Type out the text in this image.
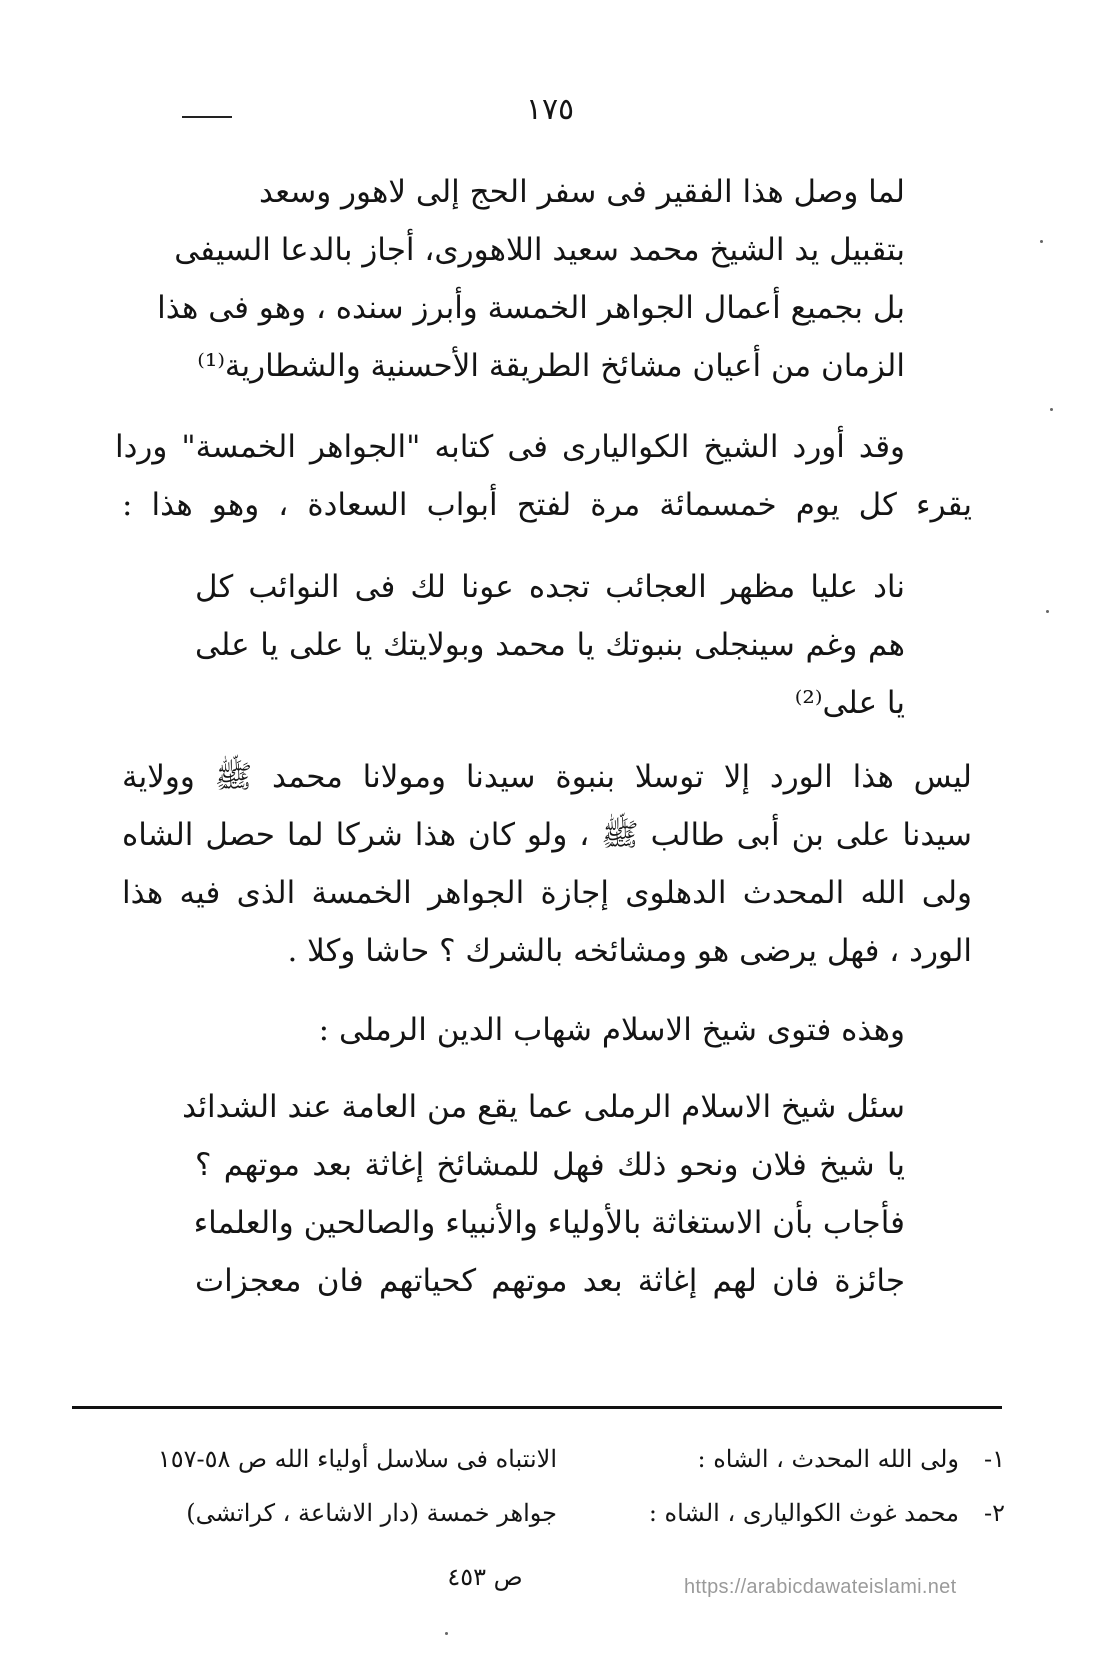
١٧٥
لما وصل هذا الفقير فى سفر الحج إلى لاهور وسعد
بتقبيل يد الشيخ محمد سعيد اللاهورى، أجاز بالدعا السيفى
بل بجميع أعمال الجواهر الخمسة وأبرز سنده ، وهو فى هذا
الزمان من أعيان مشائخ الطريقة الأحسنية والشطارية⁽¹⁾
وقد أورد الشيخ الكواليارى فى كتابه "الجواهر الخمسة" وردا
يقرء كل يوم خمسمائة مرة لفتح أبواب السعادة ، وهو هذا :
ناد عليا مظهر العجائب تجده عونا لك فى النوائب كل
هم وغم سينجلى بنبوتك يا محمد وبولايتك يا على يا على
يا على⁽²⁾
ليس هذا الورد إلا توسلا بنبوة سيدنا ومولانا محمد ﷺ وولاية
سيدنا على بن أبى طالب ﷺ ، ولو كان هذا شركا لما حصل الشاه
ولى الله المحدث الدهلوى إجازة الجواهر الخمسة الذى فيه هذا
الورد ، فهل يرضى هو ومشائخه بالشرك ؟ حاشا وكلا .
وهذه فتوى شيخ الاسلام شهاب الدين الرملى :
سئل شيخ الاسلام الرملى عما يقع من العامة عند الشدائد
يا شيخ فلان ونحو ذلك فهل للمشائخ إغاثة بعد موتهم ؟
فأجاب بأن الاستغاثة بالأولياء والأنبياء والصالحين والعلماء
جائزة فان لهم إغاثة بعد موتهم كحياتهم فان معجزات
١-
ولى الله المحدث ، الشاه :
الانتباه فى سلاسل أولياء الله ص ٥٨-١٥٧
٢-
محمد غوث الكواليارى ، الشاه :
جواهر خمسة (دار الاشاعة ، كراتشى)
ص ٤٥٣	https://arabicdawateislami.net
